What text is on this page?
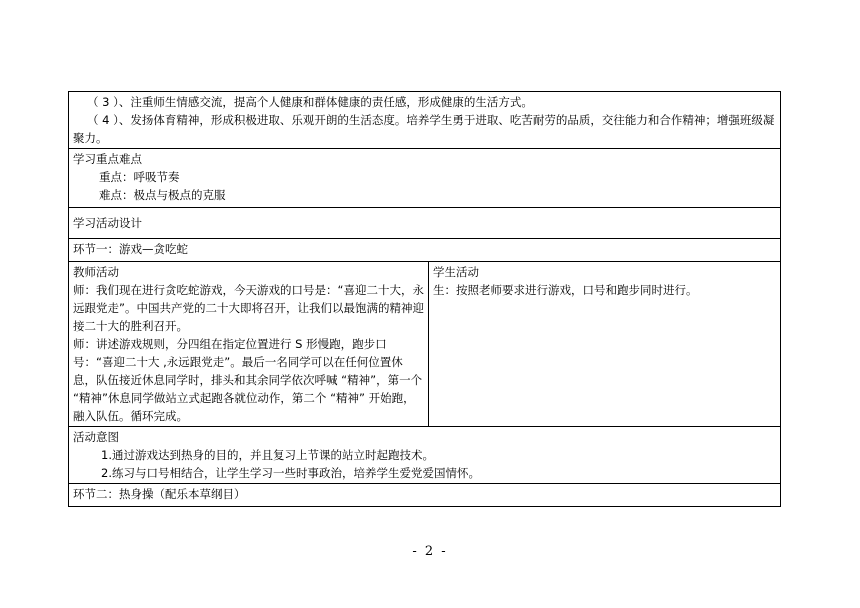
（ 3 ）、注重师生情感交流，提高个人健康和群体健康的责任感，形成健康的生活方式。
（ 4 ）、发扬体育精神，形成积极进取、乐观开朗的生活态度。培养学生勇于进取、吃苦耐劳的品质，交往能力和合作精神；增强班级凝聚力。

学习重点难点
重点：呼吸节奏
难点：极点与极点的克服

学习活动设计

环节一：游戏—贪吃蛇

教师活动
师：我们现在进行贪吃蛇游戏，今天游戏的口号是：“喜迎二十大，永远跟党走”。中国共产党的二十大即将召开，让我们以最饱满的精神迎接二十大的胜利召开。
师：讲述游戏规则，分四组在指定位置进行 S 形慢跑，跑步口号：“喜迎二十大 ,永远跟党走”。最后一名同学可以在任何位置休息，队伍接近休息同学时，排头和其余同学依次呼喊 “精神”，第一个 “精神”休息同学做站立式起跑各就位动作，第二个 “精神” 开始跑，融入队伍。循环完成。

学生活动
生：按照老师要求进行游戏，口号和跑步同时进行。

活动意图
1.通过游戏达到热身的目的，并且复习上节课的站立时起跑技术。
2.练习与口号相结合，让学生学习一些时事政治，培养学生爱党爱国情怀。

环节二：热身操（配乐本草纲目）
- 2 -
